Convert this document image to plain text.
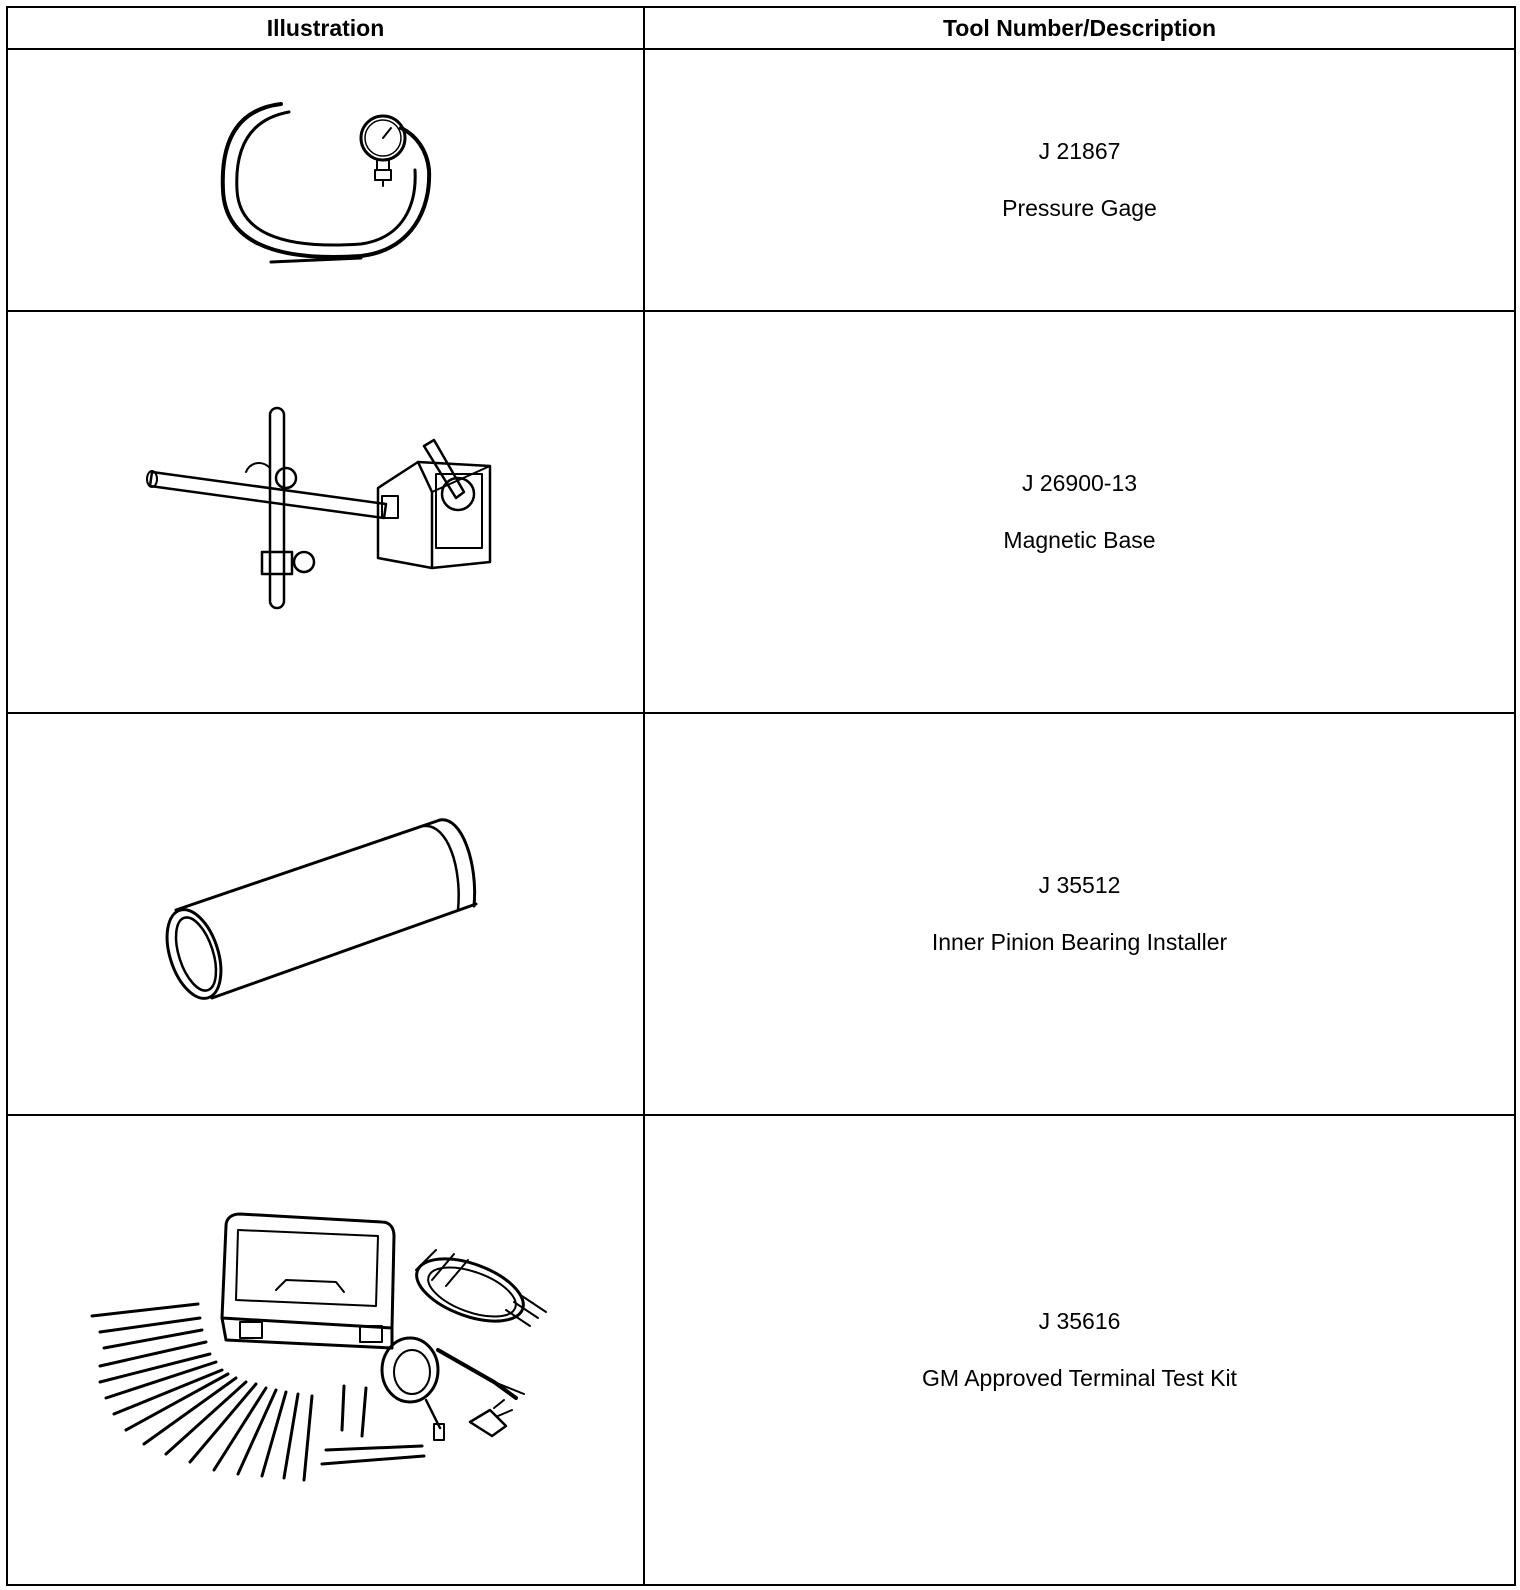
Illustration	Tool Number/Description

J 21867
Pressure Gage

J 26900-13
Magnetic Base

J 35512
Inner Pinion Bearing Installer

J 35616
GM Approved Terminal Test Kit
